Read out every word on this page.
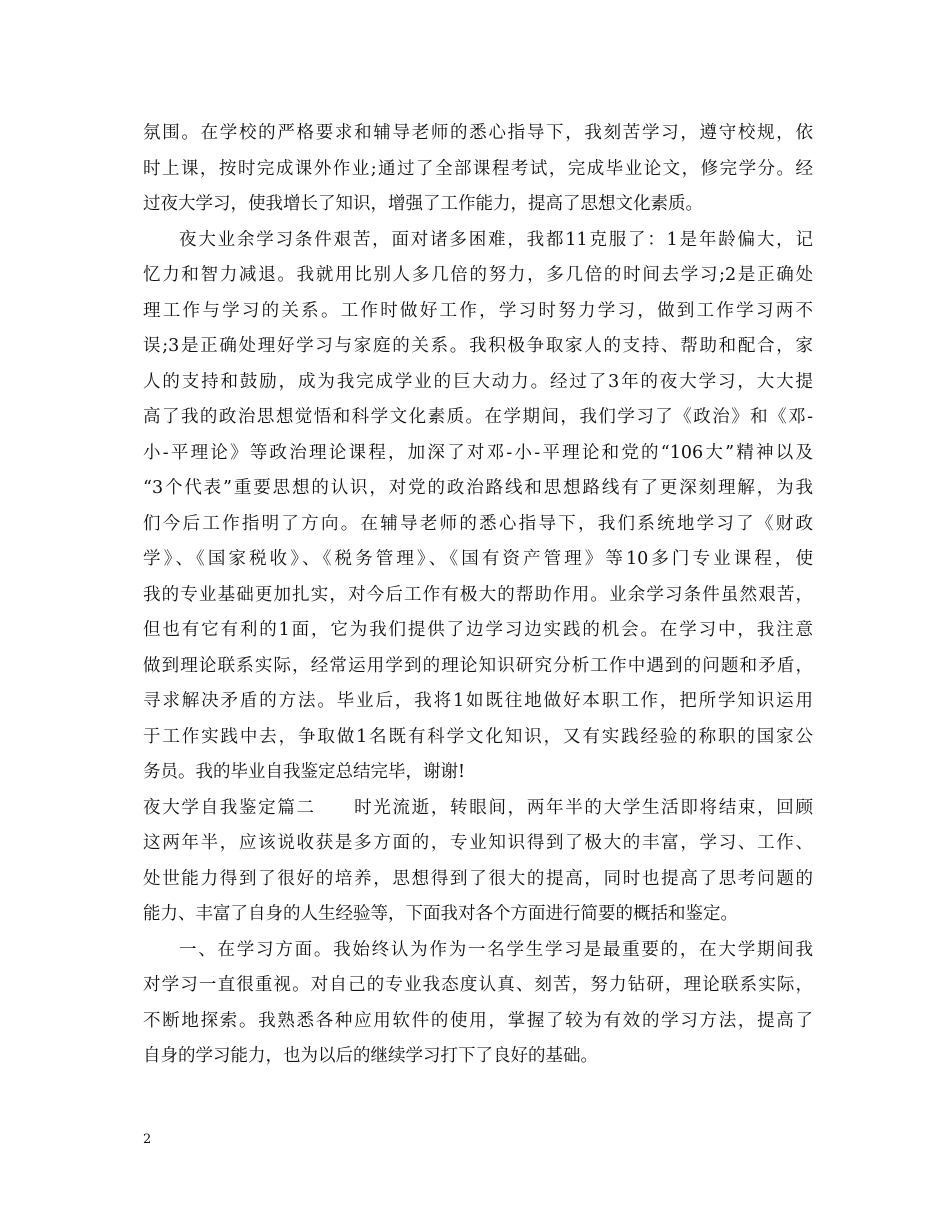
氛围。在学校的严格要求和辅导老师的悉心指导下，我刻苦学习，遵守校规，依
时上课，按时完成课外作业;通过了全部课程考试，完成毕业论文，修完学分。经
过夜大学习，使我增长了知识，增强了工作能力，提高了思想文化素质。
夜大业余学习条件艰苦，面对诸多困难，我都11克服了：1是年龄偏大，记
忆力和智力减退。我就用比别人多几倍的努力，多几倍的时间去学习;2是正确处
理工作与学习的关系。工作时做好工作，学习时努力学习，做到工作学习两不
误;3是正确处理好学习与家庭的关系。我积极争取家人的支持、帮助和配合，家
人的支持和鼓励，成为我完成学业的巨大动力。经过了3年的夜大学习，大大提
高了我的政治思想觉悟和科学文化素质。在学期间，我们学习了《政治》和《邓-
小-平理论》等政治理论课程，加深了对邓-小-平理论和党的“106大”精神以及
“3个代表”重要思想的认识，对党的政治路线和思想路线有了更深刻理解，为我
们今后工作指明了方向。在辅导老师的悉心指导下，我们系统地学习了《财政
学》、《国家税收》、《税务管理》、《国有资产管理》等10多门专业课程，使
我的专业基础更加扎实，对今后工作有极大的帮助作用。业余学习条件虽然艰苦，
但也有它有利的1面，它为我们提供了边学习边实践的机会。在学习中，我注意
做到理论联系实际，经常运用学到的理论知识研究分析工作中遇到的问题和矛盾，
寻求解决矛盾的方法。毕业后，我将1如既往地做好本职工作，把所学知识运用
于工作实践中去，争取做1名既有科学文化知识，又有实践经验的称职的国家公
务员。我的毕业自我鉴定总结完毕，谢谢!
夜大学自我鉴定篇二　　时光流逝，转眼间，两年半的大学生活即将结束，回顾
这两年半，应该说收获是多方面的，专业知识得到了极大的丰富，学习、工作、
处世能力得到了很好的培养，思想得到了很大的提高，同时也提高了思考问题的
能力、丰富了自身的人生经验等，下面我对各个方面进行简要的概括和鉴定。
一、在学习方面。我始终认为作为一名学生学习是最重要的，在大学期间我
对学习一直很重视。对自己的专业我态度认真、刻苦，努力钻研，理论联系实际，
不断地探索。我熟悉各种应用软件的使用，掌握了较为有效的学习方法，提高了
自身的学习能力，也为以后的继续学习打下了良好的基础。
2
